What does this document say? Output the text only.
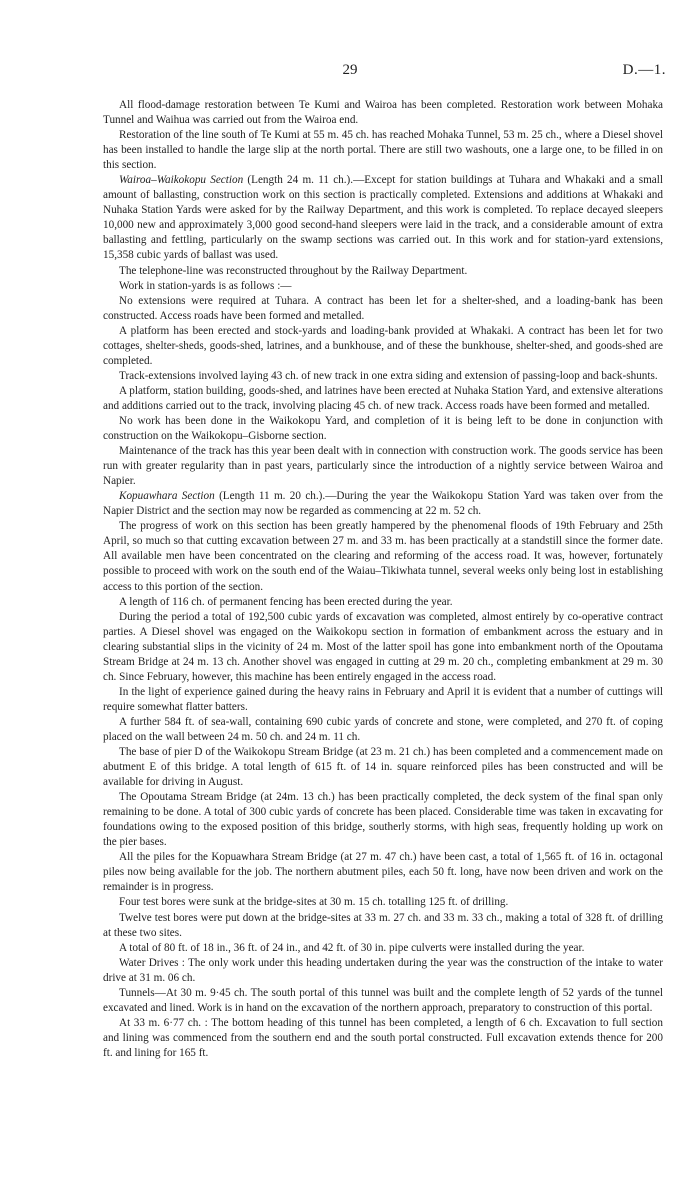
29	D.—1.

All flood-damage restoration between Te Kumi and Wairoa has been completed. Restoration work between Mohaka Tunnel and Waihua was carried out from the Wairoa end.

Restoration of the line south of Te Kumi at 55 m. 45 ch. has reached Mohaka Tunnel, 53 m. 25 ch., where a Diesel shovel has been installed to handle the large slip at the north portal. There are still two washouts, one a large one, to be filled in on this section.

Wairoa–Waikokopu Section (Length 24 m. 11 ch.).—Except for station buildings at Tuhara and Whakaki and a small amount of ballasting, construction work on this section is practically completed. Extensions and additions at Whakaki and Nuhaka Station Yards were asked for by the Railway Department, and this work is completed. To replace decayed sleepers 10,000 new and approximately 3,000 good second-hand sleepers were laid in the track, and a considerable amount of extra ballasting and fettling, particularly on the swamp sections was carried out. In this work and for station-yard extensions, 15,358 cubic yards of ballast was used.

The telephone-line was reconstructed throughout by the Railway Department.

Work in station-yards is as follows :—

No extensions were required at Tuhara. A contract has been let for a shelter-shed, and a loading-bank has been constructed. Access roads have been formed and metalled.

A platform has been erected and stock-yards and loading-bank provided at Whakaki. A contract has been let for two cottages, shelter-sheds, goods-shed, latrines, and a bunkhouse, and of these the bunkhouse, shelter-shed, and goods-shed are completed.

Track-extensions involved laying 43 ch. of new track in one extra siding and extension of passing-loop and back-shunts.

A platform, station building, goods-shed, and latrines have been erected at Nuhaka Station Yard, and extensive alterations and additions carried out to the track, involving placing 45 ch. of new track. Access roads have been formed and metalled.

No work has been done in the Waikokopu Yard, and completion of it is being left to be done in conjunction with construction on the Waikokopu–Gisborne section.

Maintenance of the track has this year been dealt with in connection with construction work. The goods service has been run with greater regularity than in past years, particularly since the introduction of a nightly service between Wairoa and Napier.

Kopuawhara Section (Length 11 m. 20 ch.).—During the year the Waikokopu Station Yard was taken over from the Napier District and the section may now be regarded as commencing at 22 m. 52 ch.

The progress of work on this section has been greatly hampered by the phenomenal floods of 19th February and 25th April, so much so that cutting excavation between 27 m. and 33 m. has been practically at a standstill since the former date. All available men have been concentrated on the clearing and reforming of the access road. It was, however, fortunately possible to proceed with work on the south end of the Waiau–Tikiwhata tunnel, several weeks only being lost in establishing access to this portion of the section.

A length of 116 ch. of permanent fencing has been erected during the year.

During the period a total of 192,500 cubic yards of excavation was completed, almost entirely by co-operative contract parties. A Diesel shovel was engaged on the Waikokopu section in formation of embankment across the estuary and in clearing substantial slips in the vicinity of 24 m. Most of the latter spoil has gone into embankment north of the Opoutama Stream Bridge at 24 m. 13 ch. Another shovel was engaged in cutting at 29 m. 20 ch., completing embankment at 29 m. 30 ch. Since February, however, this machine has been entirely engaged in the access road.

In the light of experience gained during the heavy rains in February and April it is evident that a number of cuttings will require somewhat flatter batters.

A further 584 ft. of sea-wall, containing 690 cubic yards of concrete and stone, were completed, and 270 ft. of coping placed on the wall between 24 m. 50 ch. and 24 m. 11 ch.

The base of pier D of the Waikokopu Stream Bridge (at 23 m. 21 ch.) has been completed and a commencement made on abutment E of this bridge. A total length of 615 ft. of 14 in. square reinforced piles has been constructed and will be available for driving in August.

The Opoutama Stream Bridge (at 24m. 13 ch.) has been practically completed, the deck system of the final span only remaining to be done. A total of 300 cubic yards of concrete has been placed. Considerable time was taken in excavating for foundations owing to the exposed position of this bridge, southerly storms, with high seas, frequently holding up work on the pier bases.

All the piles for the Kopuawhara Stream Bridge (at 27 m. 47 ch.) have been cast, a total of 1,565 ft. of 16 in. octagonal piles now being available for the job. The northern abutment piles, each 50 ft. long, have now been driven and work on the remainder is in progress.

Four test bores were sunk at the bridge-sites at 30 m. 15 ch. totalling 125 ft. of drilling.

Twelve test bores were put down at the bridge-sites at 33 m. 27 ch. and 33 m. 33 ch., making a total of 328 ft. of drilling at these two sites.

A total of 80 ft. of 18 in., 36 ft. of 24 in., and 42 ft. of 30 in. pipe culverts were installed during the year.

Water Drives : The only work under this heading undertaken during the year was the construction of the intake to water drive at 31 m. 06 ch.

Tunnels—At 30 m. 9·45 ch. The south portal of this tunnel was built and the complete length of 52 yards of the tunnel excavated and lined. Work is in hand on the excavation of the northern approach, preparatory to construction of this portal.

At 33 m. 6·77 ch. : The bottom heading of this tunnel has been completed, a length of 6 ch. Excavation to full section and lining was commenced from the southern end and the south portal constructed. Full excavation extends thence for 200 ft. and lining for 165 ft.
